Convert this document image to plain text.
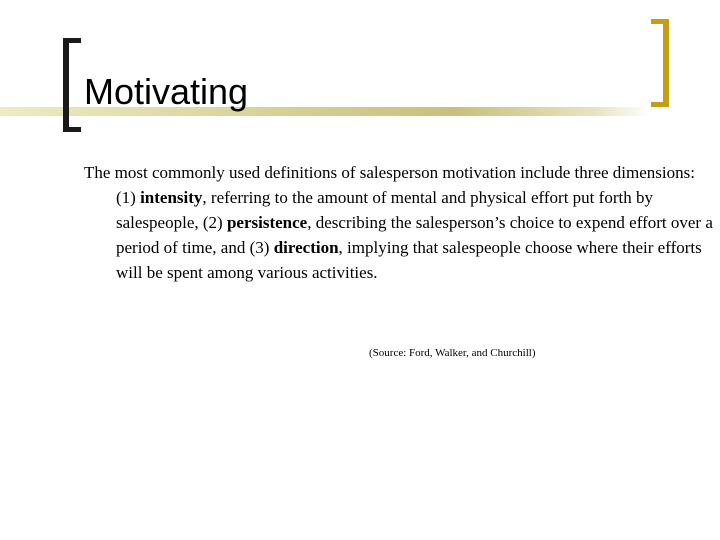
Motivating

The most commonly used definitions of salesperson motivation include three dimensions: (1) intensity, referring to the amount of mental and physical effort put forth by salespeople, (2) persistence, describing the salesperson’s choice to expend effort over a period of time, and (3) direction, implying that salespeople choose where their efforts will be spent among various activities.

(Source: Ford, Walker, and Churchill)
